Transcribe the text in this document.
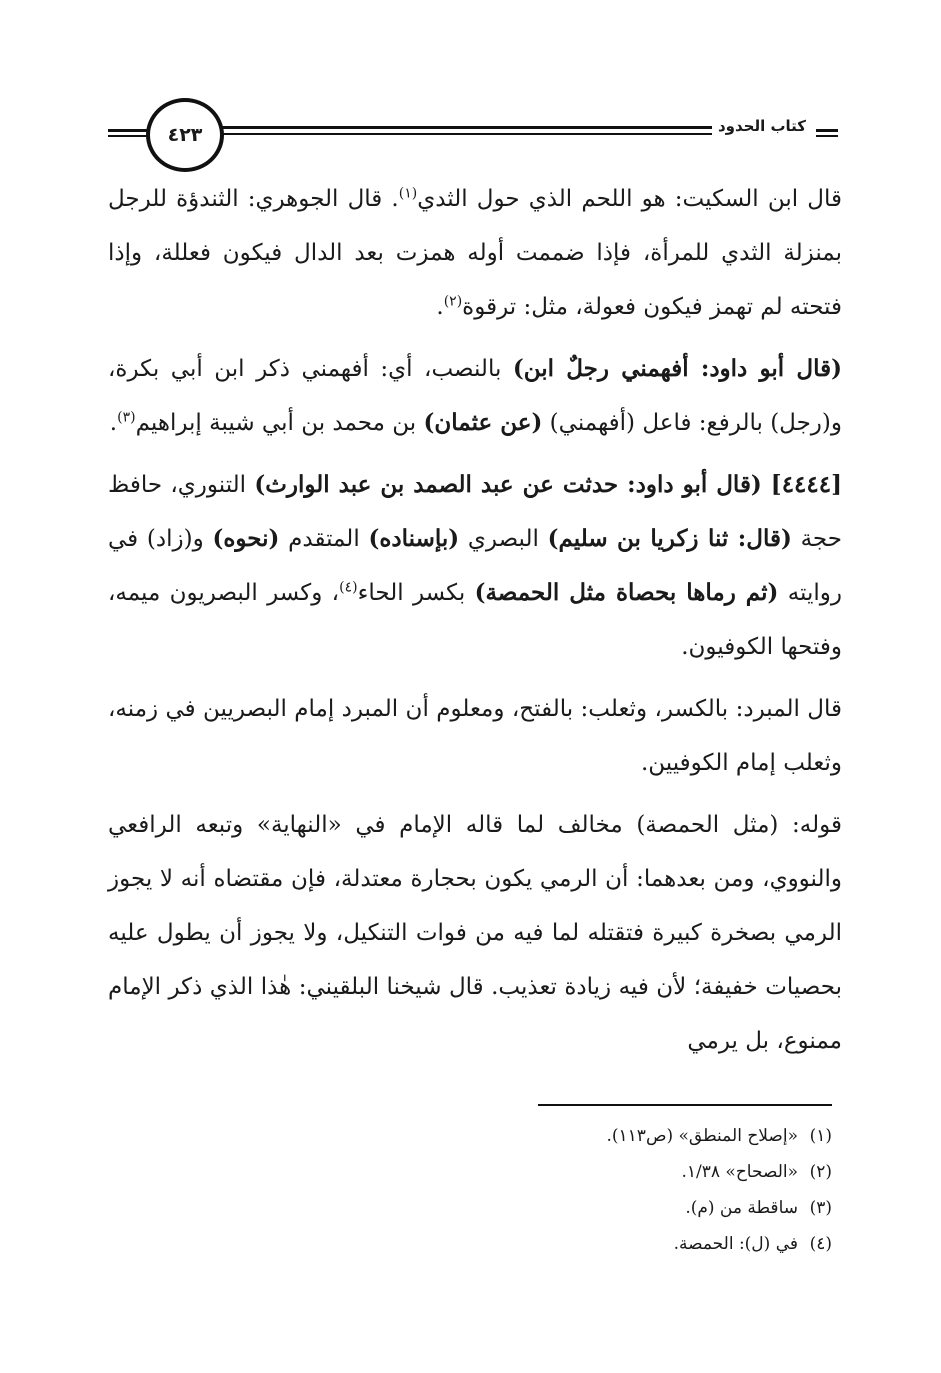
٤٢٣	كتاب الحدود

قال ابن السكيت: هو اللحم الذي حول الثدي$^{(١)}$. قال الجوهري: الثندؤة للرجل بمنزلة الثدي للمرأة، فإذا ضممت أوله همزت بعد الدال فيكون فعللة، وإذا فتحته لم تهمز فيكون فعولة، مثل: ترقوة$^{(٢)}$.

(قال أبو داود: أفهمني رجلٌ ابن) بالنصب، أي: أفهمني ذكر ابن أبي بكرة، و(رجل) بالرفع: فاعل (أفهمني) (عن عثمان) بن محمد بن أبي شيبة إبراهيم$^{(٣)}$.

[٤٤٤٤] (قال أبو داود: حدثت عن عبد الصمد بن عبد الوارث) التنوري، حافظ حجة (قال: ثنا زكريا بن سليم) البصري (بإسناده) المتقدم (نحوه) و(زاد) في روايته (ثم رماها بحصاة مثل الحمصة) بكسر الحاء$^{(٤)}$، وكسر البصريون ميمه، وفتحها الكوفيون.

قال المبرد: بالكسر، وثعلب: بالفتح، ومعلوم أن المبرد إمام البصريين في زمنه، وثعلب إمام الكوفيين.

قوله: (مثل الحمصة) مخالف لما قاله الإمام في «النهاية» وتبعه الرافعي والنووي، ومن بعدهما: أن الرمي يكون بحجارة معتدلة، فإن مقتضاه أنه لا يجوز الرمي بصخرة كبيرة فتقتله لما فيه من فوات التنكيل، ولا يجوز أن يطول عليه بحصيات خفيفة؛ لأن فيه زيادة تعذيب. قال شيخنا البلقيني: هٰذا الذي ذكر الإمام ممنوع، بل يرمي

(١)«إصلاح المنطق» (ص١١٣).
(٢)«الصحاح» ١/٣٨.
(٣)ساقطة من (م).
(٤)في (ل): الحمصة.
